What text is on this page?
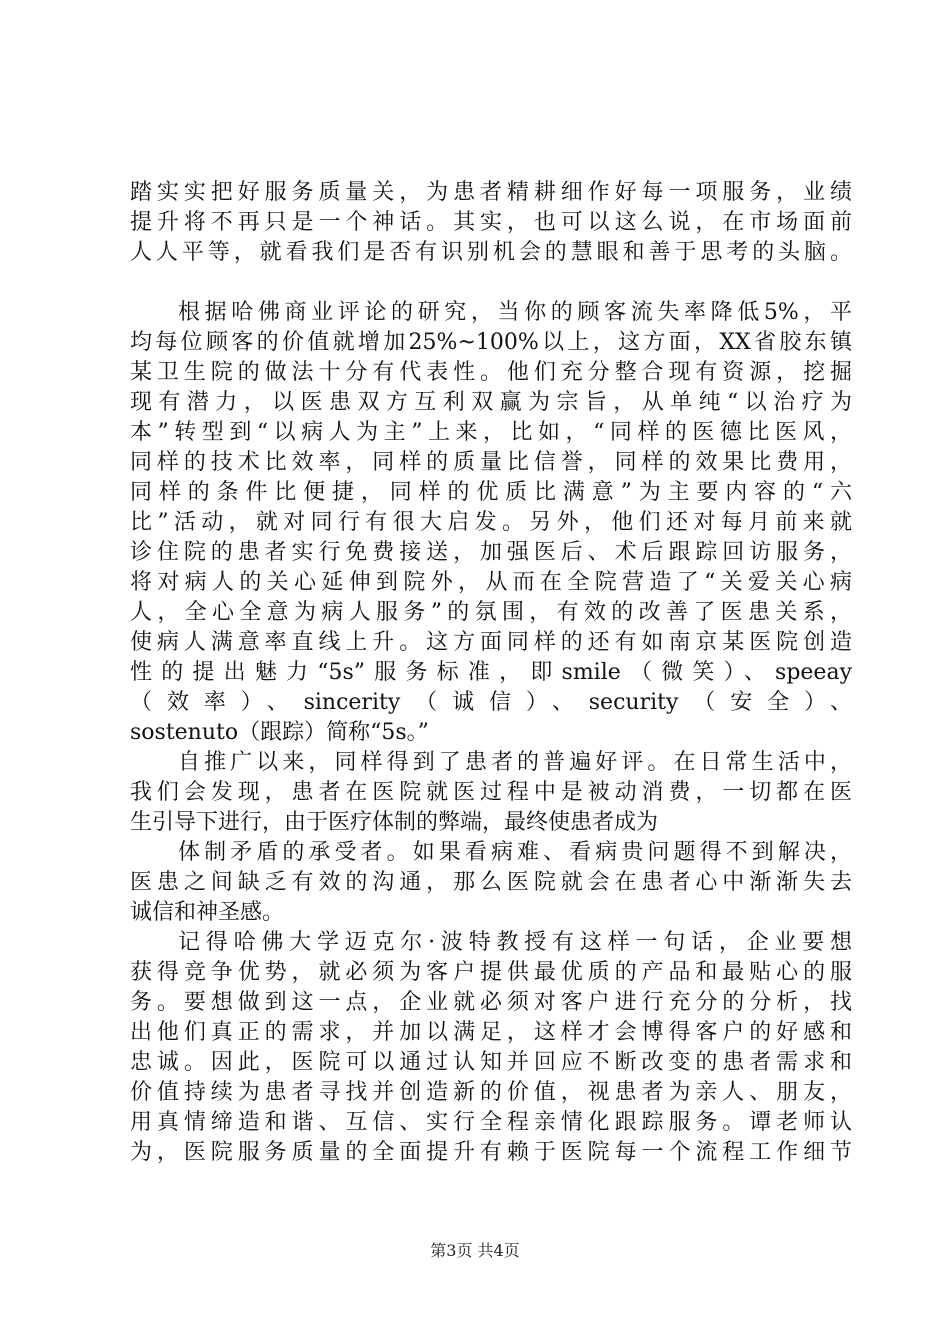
踏实实把好服务质量关，为患者精耕细作好每一项服务，业绩
提升将不再只是一个神话。其实，也可以这么说，在市场面前
人人平等，就看我们是否有识别机会的慧眼和善于思考的头脑。
根据哈佛商业评论的研究，当你的顾客流失率降低5%，平
均每位顾客的价值就增加25%~100%以上，这方面，XX省胶东镇
某卫生院的做法十分有代表性。他们充分整合现有资源，挖掘
现有潜力，以医患双方互利双赢为宗旨，从单纯“以治疗为
本”转型到“以病人为主”上来，比如，“同样的医德比医风，
同样的技术比效率，同样的质量比信誉，同样的效果比费用，
同样的条件比便捷，同样的优质比满意”为主要内容的“六
比”活动，就对同行有很大启发。另外，他们还对每月前来就
诊住院的患者实行免费接送，加强医后、术后跟踪回访服务，
将对病人的关心延伸到院外，从而在全院营造了“关爱关心病
人，全心全意为病人服务”的氛围，有效的改善了医患关系，
使病人满意率直线上升。这方面同样的还有如南京某医院创造
性的提出魅力“5s”服务标准，即smile（微笑）、speeay
（效率）、sincerity（诚信）、security（安全）、
sostenuto（跟踪）简称“5s。”
自推广以来，同样得到了患者的普遍好评。在日常生活中，
我们会发现，患者在医院就医过程中是被动消费，一切都在医
生引导下进行，由于医疗体制的弊端，最终使患者成为
体制矛盾的承受者。如果看病难、看病贵问题得不到解决，
医患之间缺乏有效的沟通，那么医院就会在患者心中渐渐失去
诚信和神圣感。
记得哈佛大学迈克尔·波特教授有这样一句话，企业要想
获得竞争优势，就必须为客户提供最优质的产品和最贴心的服
务。要想做到这一点，企业就必须对客户进行充分的分析，找
出他们真正的需求，并加以满足，这样才会博得客户的好感和
忠诚。因此，医院可以通过认知并回应不断改变的患者需求和
价值持续为患者寻找并创造新的价值，视患者为亲人、朋友，
用真情缔造和谐、互信、实行全程亲情化跟踪服务。谭老师认
为，医院服务质量的全面提升有赖于医院每一个流程工作细节
第3页 共4页
